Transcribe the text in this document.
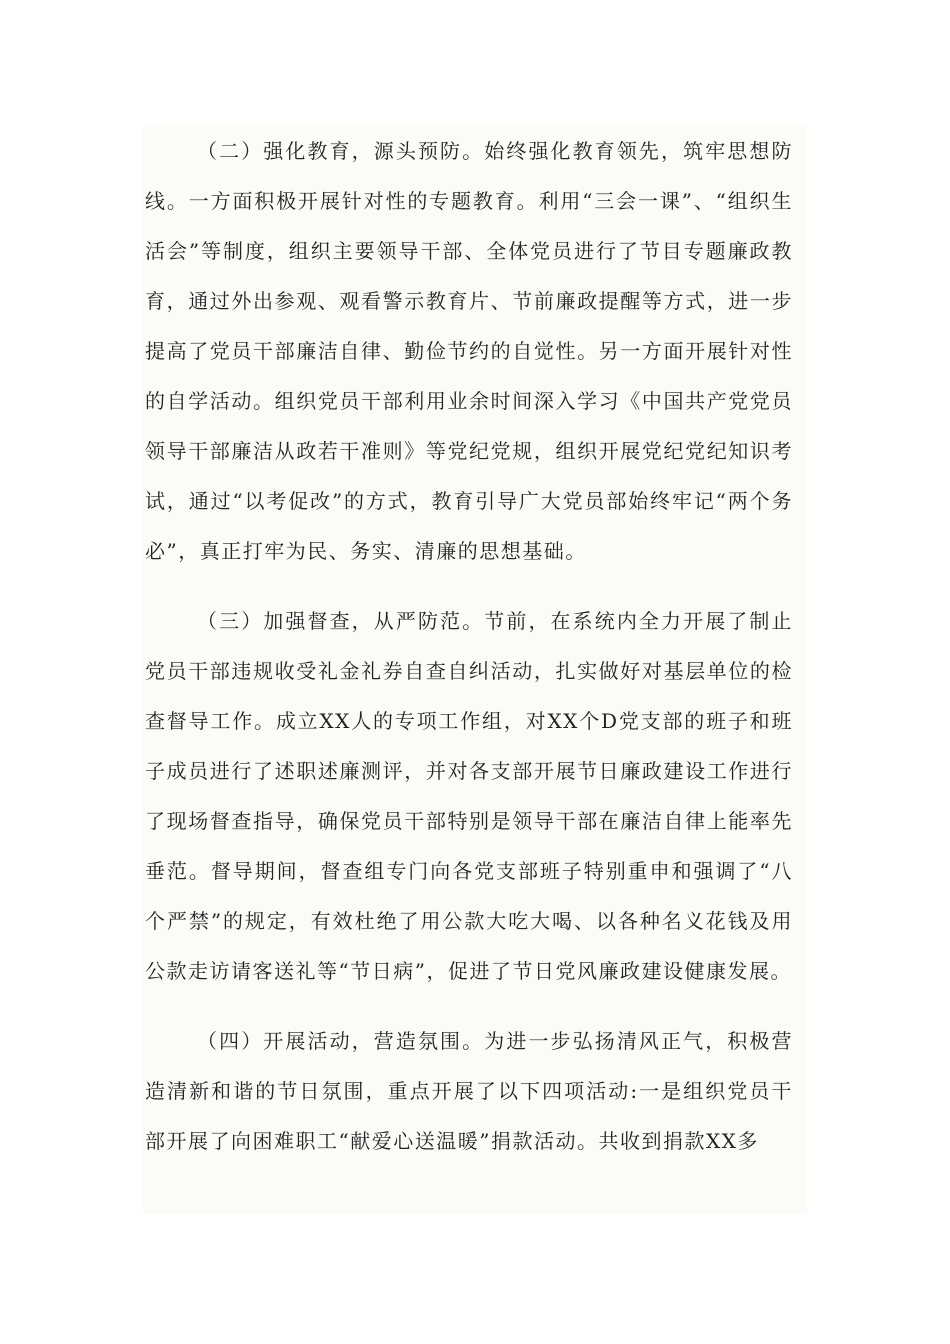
（二）强化教育，源头预防。始终强化教育领先，筑牢思想防线。一方面积极开展针对性的专题教育。利用“三会一课”、“组织生活会”等制度，组织主要领导干部、全体党员进行了节目专题廉政教育，通过外出参观、观看警示教育片、节前廉政提醒等方式，进一步提高了党员干部廉洁自律、勤俭节约的自觉性。另一方面开展针对性的自学活动。组织党员干部利用业余时间深入学习《中国共产党党员领导干部廉洁从政若干准则》等党纪党规，组织开展党纪党纪知识考试，通过“以考促改”的方式，教育引导广大党员部始终牢记“两个务必”，真正打牢为民、务实、清廉的思想基础。

（三）加强督查，从严防范。节前，在系统内全力开展了制止党员干部违规收受礼金礼券自查自纠活动，扎实做好对基层单位的检查督导工作。成立XX人的专项工作组，对XX个D党支部的班子和班子成员进行了述职述廉测评，并对各支部开展节日廉政建设工作进行了现场督查指导，确保党员干部特别是领导干部在廉洁自律上能率先垂范。督导期间，督查组专门向各党支部班子特别重申和强调了“八个严禁”的规定，有效杜绝了用公款大吃大喝、以各种名义花钱及用公款走访请客送礼等“节日病”，促进了节日党风廉政建设健康发展。

（四）开展活动，营造氛围。为进一步弘扬清风正气，积极营造清新和谐的节日氛围，重点开展了以下四项活动:一是组织党员干部开展了向困难职工“献爱心送温暖”捐款活动。共收到捐款XX多
